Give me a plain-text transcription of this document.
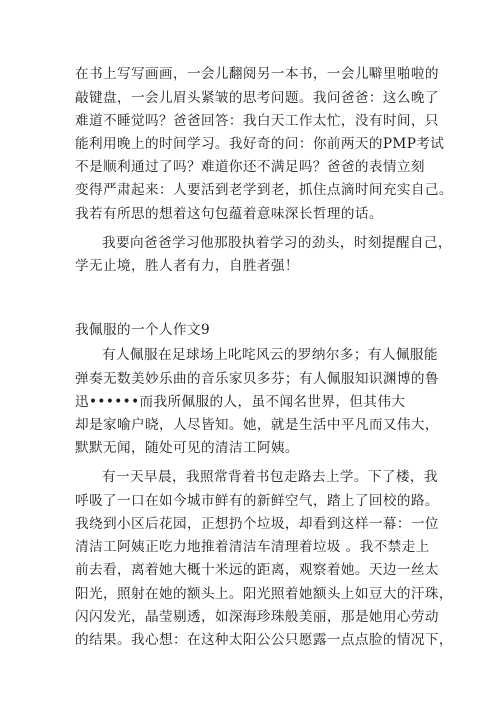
在书上写写画画，一会儿翻阅另一本书，一会儿噼里啪啦的
敲键盘，一会儿眉头紧皱的思考问题。我问爸爸：这么晚了
难道不睡觉吗？爸爸回答：我白天工作太忙，没有时间，只
能利用晚上的时间学习。我好奇的问：你前两天的PMP考试
不是顺利通过了吗？难道你还不满足吗？爸爸的表情立刻
变得严肃起来：人要活到老学到老，抓住点滴时间充实自己。
我若有所思的想着这句包蕴着意味深长哲理的话。
我要向爸爸学习他那股执着学习的劲头，时刻提醒自己，
学无止境，胜人者有力，自胜者强！
我佩服的一个人作文9
有人佩服在足球场上叱咤风云的罗纳尔多；有人佩服能
弹奏无数美妙乐曲的音乐家贝多芬；有人佩服知识渊博的鲁
迅••••••而我所佩服的人，虽不闻名世界，但其伟大
却是家喻户晓，人尽皆知。她，就是生活中平凡而又伟大，
默默无闻，随处可见的清洁工阿姨。
有一天早晨，我照常背着书包走路去上学。下了楼，我
呼吸了一口在如今城市鲜有的新鲜空气，踏上了回校的路。
我绕到小区后花园，正想扔个垃圾，却看到这样一幕：一位
清洁工阿姨正吃力地推着清洁车清理着垃圾 。我不禁走上
前去看，离着她大概十米远的距离，观察着她。天边一丝太
阳光，照射在她的额头上。阳光照着她额头上如豆大的汗珠，
闪闪发光，晶莹剔透，如深海珍珠般美丽，那是她用心劳动
的结果。我心想：在这种太阳公公只愿露一点点脸的情况下，
